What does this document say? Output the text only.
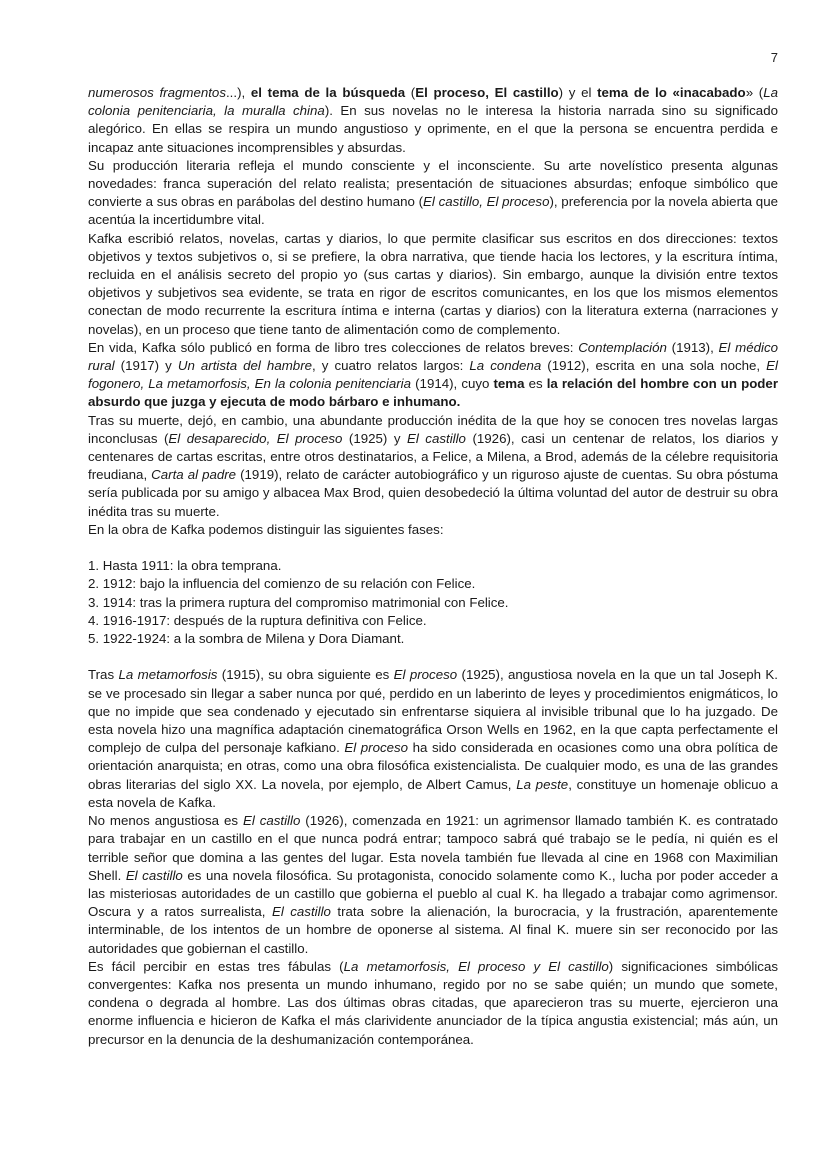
7

numerosos fragmentos...), el tema de la búsqueda (El proceso, El castillo) y el tema de lo «inacabado» (La colonia penitenciaria, la muralla china). En sus novelas no le interesa la historia narrada sino su significado alegórico. En ellas se respira un mundo angustioso y oprimente, en el que la persona se encuentra perdida e incapaz ante situaciones incomprensibles y absurdas.

Su producción literaria refleja el mundo consciente y el inconsciente. Su arte novelístico presenta algunas novedades: franca superación del relato realista; presentación de situaciones absurdas; enfoque simbólico que convierte a sus obras en parábolas del destino humano (El castillo, El proceso), preferencia por la novela abierta que acentúa la incertidumbre vital.

Kafka escribió relatos, novelas, cartas y diarios, lo que permite clasificar sus escritos en dos direcciones: textos objetivos y textos subjetivos o, si se prefiere, la obra narrativa, que tiende hacia los lectores, y la escritura íntima, recluida en el análisis secreto del propio yo (sus cartas y diarios). Sin embargo, aunque la división entre textos objetivos y subjetivos sea evidente, se trata en rigor de escritos comunicantes, en los que los mismos elementos conectan de modo recurrente la escritura íntima e interna (cartas y diarios) con la literatura externa (narraciones y novelas), en un proceso que tiene tanto de alimentación como de complemento.

En vida, Kafka sólo publicó en forma de libro tres colecciones de relatos breves: Contemplación (1913), El médico rural (1917) y Un artista del hambre, y cuatro relatos largos: La condena (1912), escrita en una sola noche, El fogonero, La metamorfosis, En la colonia penitenciaria (1914), cuyo tema es la relación del hombre con un poder absurdo que juzga y ejecuta de modo bárbaro e inhumano.

Tras su muerte, dejó, en cambio, una abundante producción inédita de la que hoy se conocen tres novelas largas inconclusas (El desaparecido, El proceso (1925) y El castillo (1926), casi un centenar de relatos, los diarios y centenares de cartas escritas, entre otros destinatarios, a Felice, a Milena, a Brod, además de la célebre requisitoria freudiana, Carta al padre (1919), relato de carácter autobiográfico y un riguroso ajuste de cuentas. Su obra póstuma sería publicada por su amigo y albacea Max Brod, quien desobedeció la última voluntad del autor de destruir su obra inédita tras su muerte.

En la obra de Kafka podemos distinguir las siguientes fases:

1. Hasta 1911: la obra temprana.
2. 1912: bajo la influencia del comienzo de su relación con Felice.
3. 1914: tras la primera ruptura del compromiso matrimonial con Felice.
4. 1916-1917: después de la ruptura definitiva con Felice.
5. 1922-1924: a la sombra de Milena y Dora Diamant.

Tras La metamorfosis (1915), su obra siguiente es El proceso (1925), angustiosa novela en la que un tal Joseph K. se ve procesado sin llegar a saber nunca por qué, perdido en un laberinto de leyes y procedimientos enigmáticos, lo que no impide que sea condenado y ejecutado sin enfrentarse siquiera al invisible tribunal que lo ha juzgado. De esta novela hizo una magnífica adaptación cinematográfica Orson Wells en 1962, en la que capta perfectamente el complejo de culpa del personaje kafkiano. El proceso ha sido considerada en ocasiones como una obra política de orientación anarquista; en otras, como una obra filosófica existencialista. De cualquier modo, es una de las grandes obras literarias del siglo XX. La novela, por ejemplo, de Albert Camus, La peste, constituye un homenaje oblicuo a esta novela de Kafka.

No menos angustiosa es El castillo (1926), comenzada en 1921: un agrimensor llamado también K. es contratado para trabajar en un castillo en el que nunca podrá entrar; tampoco sabrá qué trabajo se le pedía, ni quién es el terrible señor que domina a las gentes del lugar. Esta novela también fue llevada al cine en 1968 con Maximilian Shell. El castillo es una novela filosófica. Su protagonista, conocido solamente como K., lucha por poder acceder a las misteriosas autoridades de un castillo que gobierna el pueblo al cual K. ha llegado a trabajar como agrimensor. Oscura y a ratos surrealista, El castillo trata sobre la alienación, la burocracia, y la frustración, aparentemente interminable, de los intentos de un hombre de oponerse al sistema. Al final K. muere sin ser reconocido por las autoridades que gobiernan el castillo.

Es fácil percibir en estas tres fábulas (La metamorfosis, El proceso y El castillo) significaciones simbólicas convergentes: Kafka nos presenta un mundo inhumano, regido por no se sabe quién; un mundo que somete, condena o degrada al hombre. Las dos últimas obras citadas, que aparecieron tras su muerte, ejercieron una enorme influencia e hicieron de Kafka el más clarividente anunciador de la típica angustia existencial; más aún, un precursor en la denuncia de la deshumanización contemporánea.
